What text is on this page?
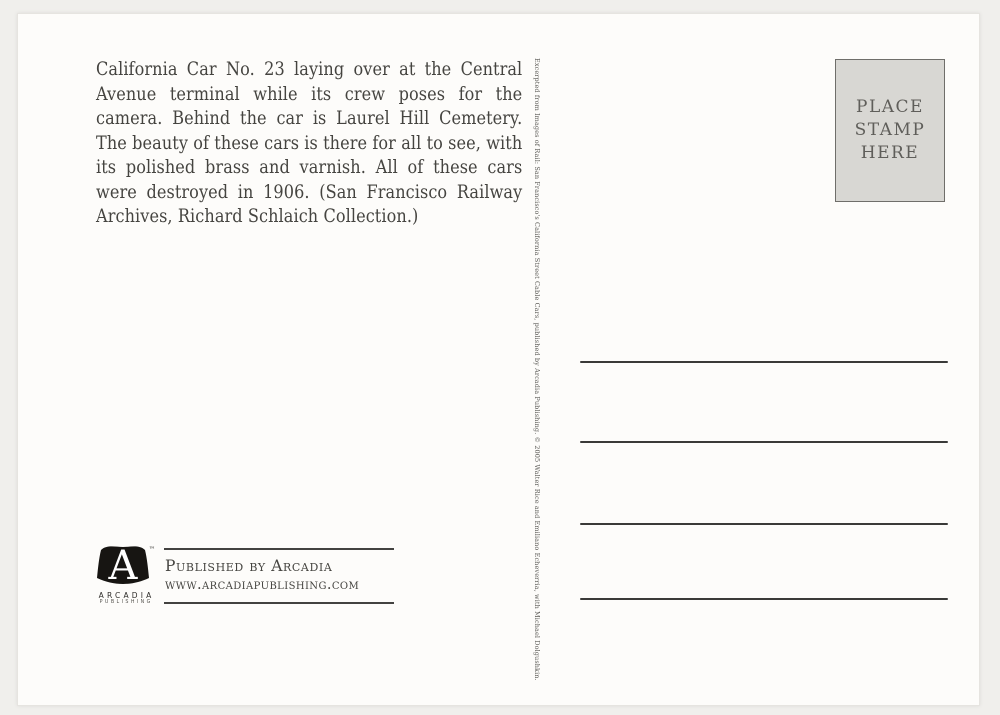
California Car No. 23 laying over at the Central Avenue terminal while its crew poses for the camera. Behind the car is Laurel Hill Cemetery. The beauty of these cars is there for all to see, with its polished brass and varnish. All of these cars were destroyed in 1906. (San Francisco Railway Archives, Richard Schlaich Collection.)	Excerpted from Images of Rail: San Francisco's California Street Cable Cars, published by Arcadia Publishing. © 2005 Walter Rice and Emiliano Echeverria, with Michael Dolgushkin.	PLACE
STAMP
HERE
A ™
ARCADIA
PUBLISHING
Published by Arcadia
www.arcadiapublishing.com
